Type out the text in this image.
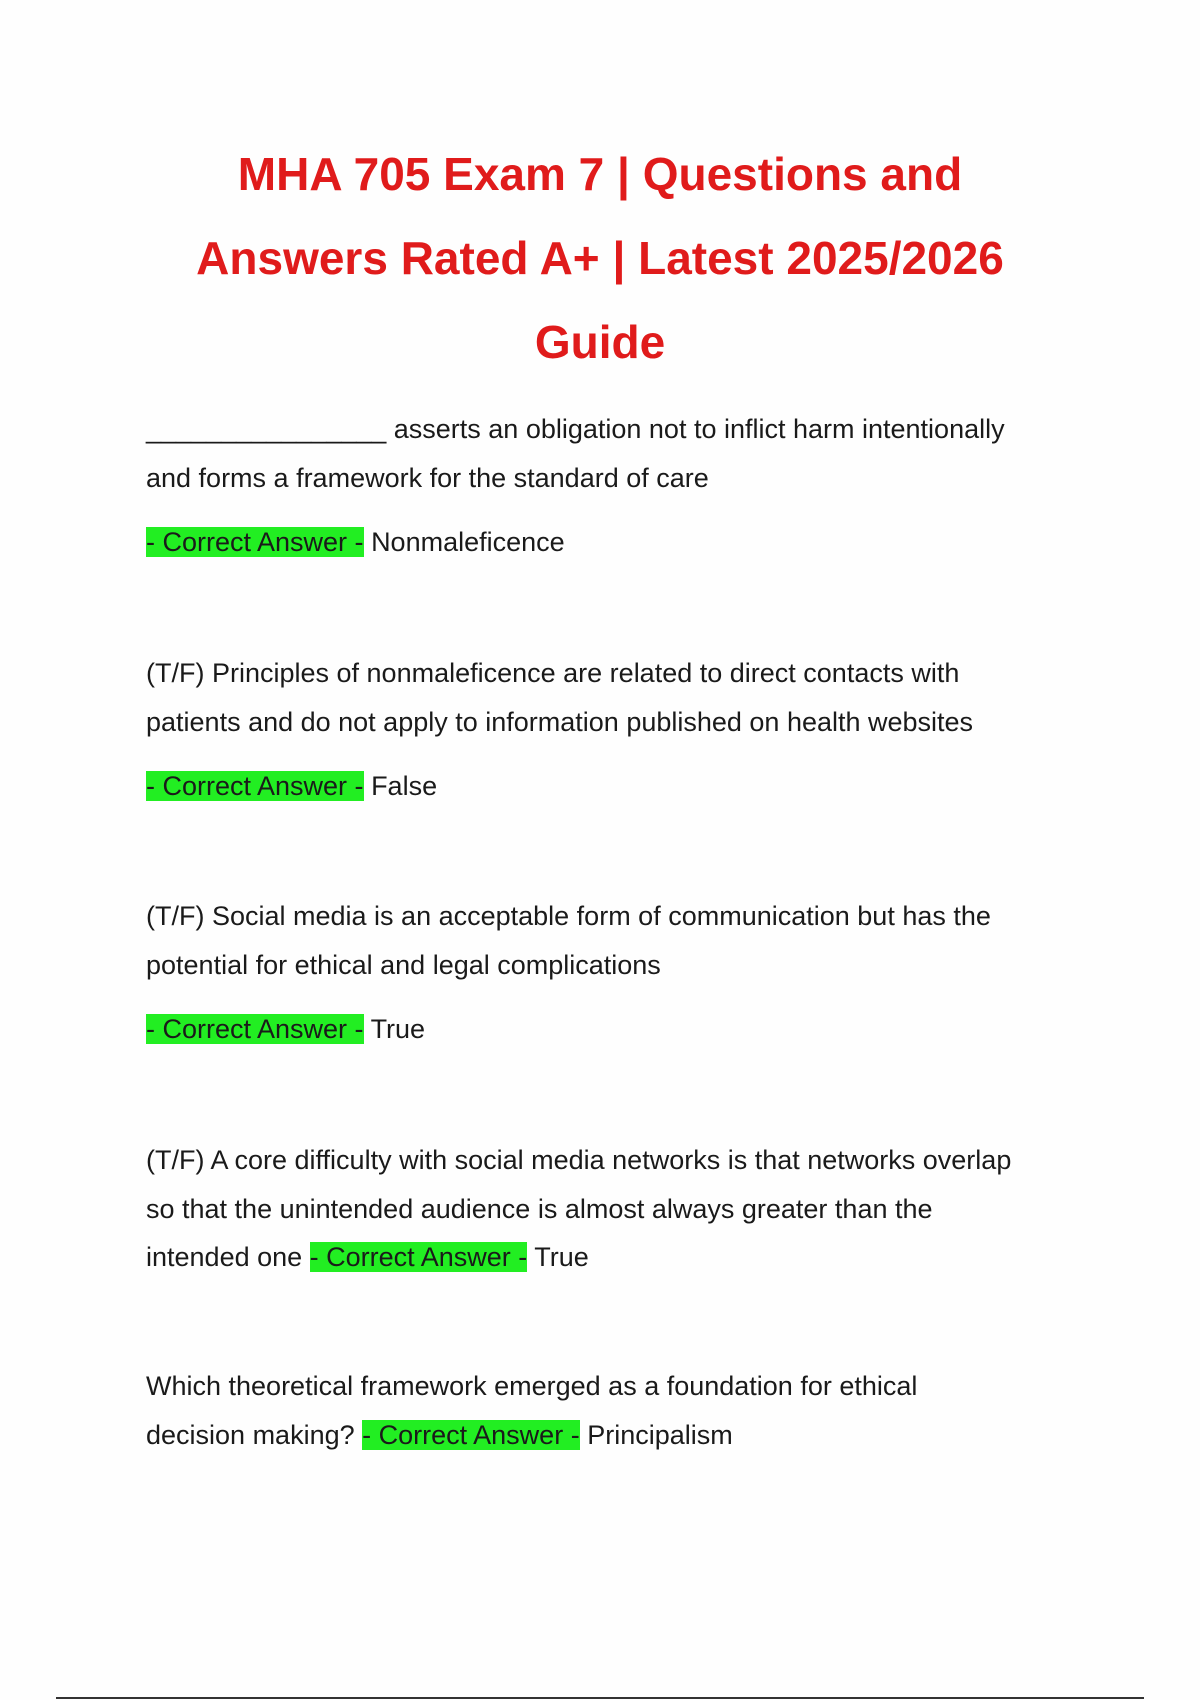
MHA 705 Exam 7 | Questions and
Answers Rated A+ | Latest 2025/2026
Guide

________________ asserts an obligation not to inflict harm intentionally
and forms a framework for the standard of care

- Correct Answer - Nonmaleficence

(T/F) Principles of nonmaleficence are related to direct contacts with
patients and do not apply to information published on health websites

- Correct Answer - False

(T/F) Social media is an acceptable form of communication but has the
potential for ethical and legal complications

- Correct Answer - True

(T/F) A core difficulty with social media networks is that networks overlap
so that the unintended audience is almost always greater than the
intended one - Correct Answer - True

Which theoretical framework emerged as a foundation for ethical
decision making? - Correct Answer - Principalism
